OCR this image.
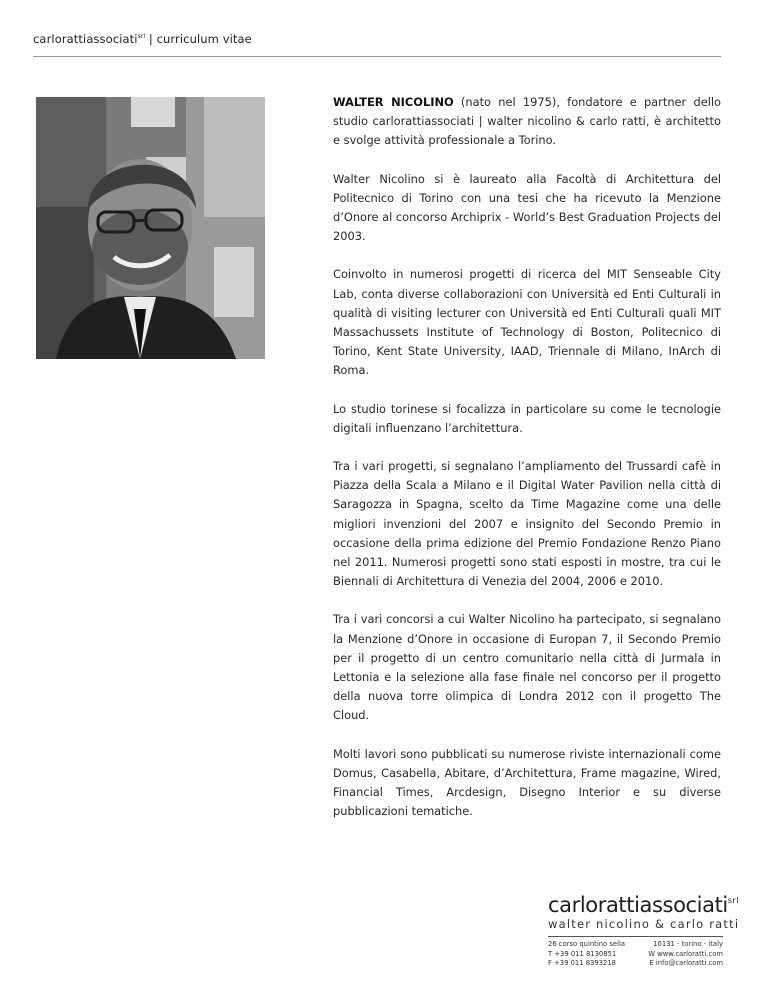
carlorattiassociati$^{srl}$ | curriculum vitae

WALTER NICOLINO (nato nel 1975), fondatore e partner dello studio carlorattiassociati | walter nicolino & carlo ratti, è architetto e svolge attività professionale a Torino.

Walter Nicolino si è laureato alla Facoltà di Architettura del Politecnico di Torino con una tesi che ha ricevuto la Menzione d’Onore al concorso Archiprix - World’s Best Graduation Projects del 2003.

Coinvolto in numerosi progetti di ricerca del MIT Senseable City Lab, conta diverse collaborazioni con Università ed Enti Culturali in qualità di visiting lecturer con Università ed Enti Culturali quali MIT Massachussets Institute of Technology di Boston, Politecnico di Torino, Kent State University, IAAD, Triennale di Milano, InArch di Roma.

Lo studio torinese si focalizza in particolare su come le tecnologie digitali influenzano l’architettura.

Tra i vari progetti, si segnalano l’ampliamento del Trussardi cafè in Piazza della Scala a Milano e il Digital Water Pavilion nella città di Saragozza in Spagna, scelto da Time Magazine come una delle migliori invenzioni del 2007 e insignito del Secondo Premio in occasione della prima edizione del Premio Fondazione Renzo Piano nel 2011. Numerosi progetti sono stati esposti in mostre, tra cui le Biennali di Architettura di Venezia del 2004, 2006 e 2010.

Tra i vari concorsi a cui Walter Nicolino ha partecipato, si segnalano la Menzione d’Onore in occasione di Europan 7, il Secondo Premio per il progetto di un centro comunitario nella città di Jurmala in Lettonia e la selezione alla fase finale nel concorso per il progetto della nuova torre olimpica di Londra 2012 con il progetto The Cloud.

Molti lavori sono pubblicati su numerose riviste internazionali come Domus, Casabella, Abitare, d’Architettura, Frame magazine, Wired, Financial Times, Arcdesign, Disegno Interior e su diverse pubblicazioni tematiche.

carlorattiassociati$^{srl}$
walter nicolino & carlo ratti
26 corso quintino sella	10131 - torino - italy
T +39 011 8130851	W www.carloratti.com
F +39 011 8393218	E info@carloratti.com
